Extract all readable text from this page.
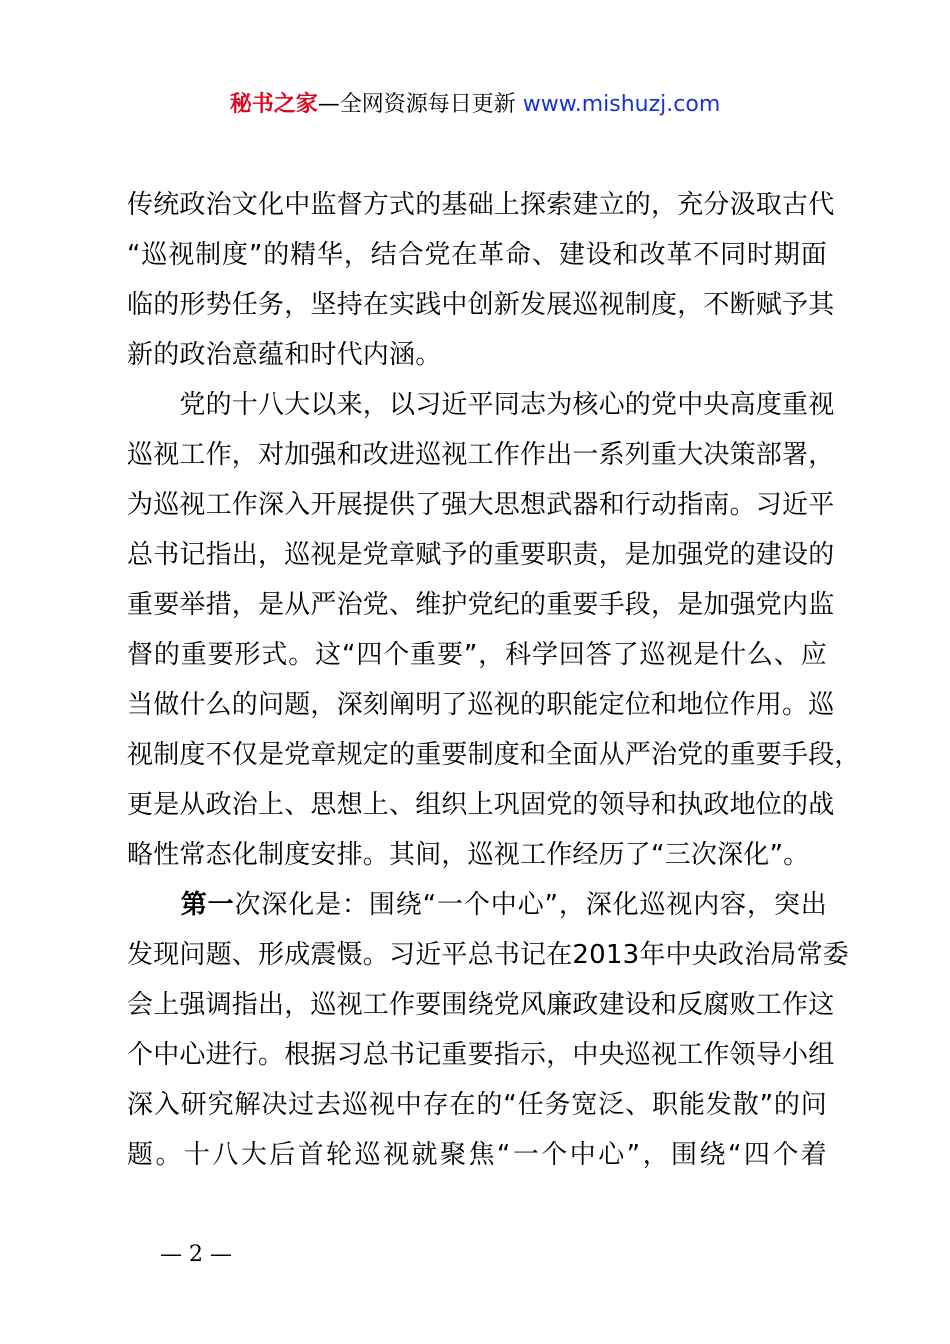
秘书之家—全网资源每日更新 www.mishuzj.com
传统政治文化中监督方式的基础上探索建立的，充分汲取古代
“巡视制度”的精华，结合党在革命、建设和改革不同时期面
临的形势任务，坚持在实践中创新发展巡视制度，不断赋予其
新的政治意蕴和时代内涵。
　　党的十八大以来，以习近平同志为核心的党中央高度重视
巡视工作，对加强和改进巡视工作作出一系列重大决策部署，
为巡视工作深入开展提供了强大思想武器和行动指南。习近平
总书记指出，巡视是党章赋予的重要职责，是加强党的建设的
重要举措，是从严治党、维护党纪的重要手段，是加强党内监
督的重要形式。这“四个重要”，科学回答了巡视是什么、应
当做什么的问题，深刻阐明了巡视的职能定位和地位作用。巡
视制度不仅是党章规定的重要制度和全面从严治党的重要手段，
更是从政治上、思想上、组织上巩固党的领导和执政地位的战
略性常态化制度安排。其间，巡视工作经历了“三次深化”。
　　第一次深化是：围绕“一个中心”，深化巡视内容，突出
发现问题、形成震慑。习近平总书记在2013年中央政治局常委
会上强调指出，巡视工作要围绕党风廉政建设和反腐败工作这
个中心进行。根据习总书记重要指示，中央巡视工作领导小组
深入研究解决过去巡视中存在的“任务宽泛、职能发散”的问
题。十八大后首轮巡视就聚焦“一个中心”，围绕“四个着
— 2 —
